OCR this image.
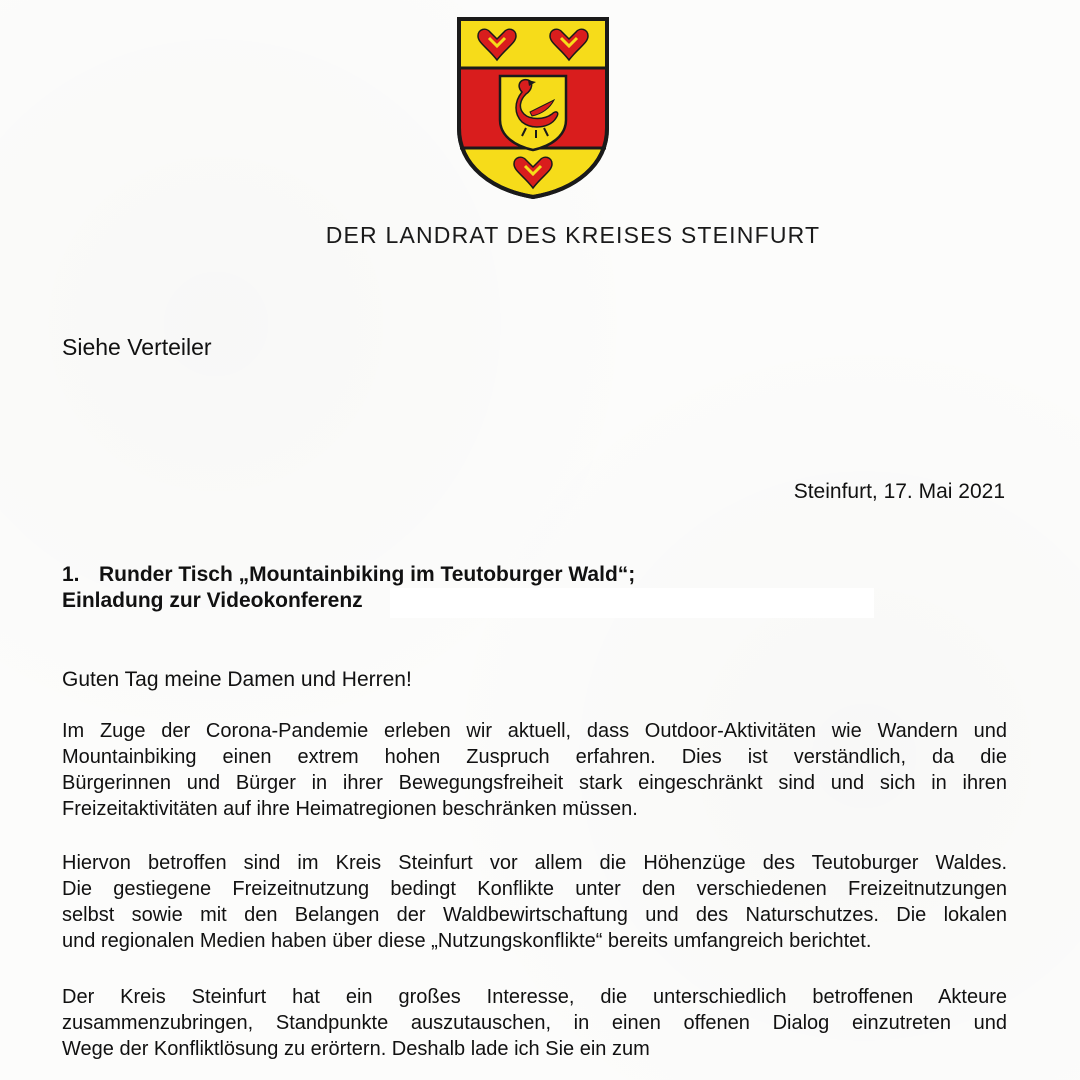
DER LANDRAT DES KREISES STEINFURT
Siehe Verteiler
Steinfurt, 17. Mai 2021
1. Runder Tisch „Mountainbiking im Teutoburger Wald“;
Einladung zur Videokonferenz
Guten Tag meine Damen und Herren!
Im Zuge der Corona-Pandemie erleben wir aktuell, dass Outdoor-Aktivitäten wie Wandern und
Mountainbiking einen extrem hohen Zuspruch erfahren. Dies ist verständlich, da die
Bürgerinnen und Bürger in ihrer Bewegungsfreiheit stark eingeschränkt sind und sich in ihren
Freizeitaktivitäten auf ihre Heimatregionen beschränken müssen.
Hiervon betroffen sind im Kreis Steinfurt vor allem die Höhenzüge des Teutoburger Waldes.
Die gestiegene Freizeitnutzung bedingt Konflikte unter den verschiedenen Freizeitnutzungen
selbst sowie mit den Belangen der Waldbewirtschaftung und des Naturschutzes. Die lokalen
und regionalen Medien haben über diese „Nutzungskonflikte“ bereits umfangreich berichtet.
Der Kreis Steinfurt hat ein großes Interesse, die unterschiedlich betroffenen Akteure
zusammenzubringen, Standpunkte auszutauschen, in einen offenen Dialog einzutreten und
Wege der Konfliktlösung zu erörtern. Deshalb lade ich Sie ein zum
